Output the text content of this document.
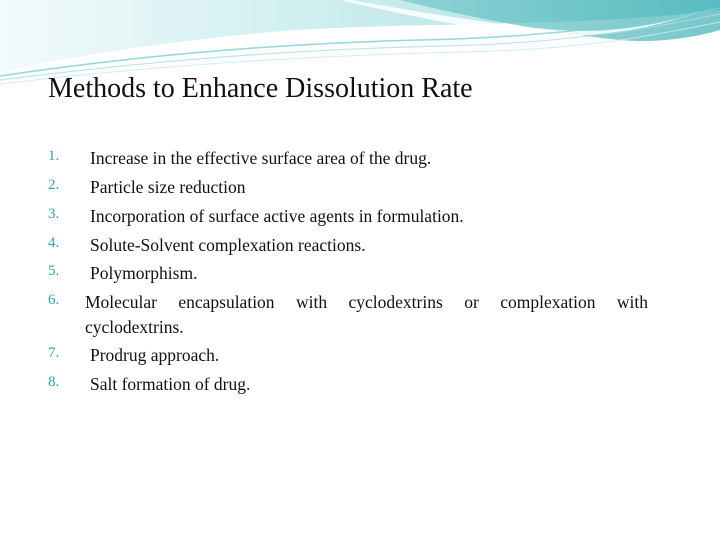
Methods to Enhance Dissolution Rate
1. Increase in the effective surface area of the drug.
2. Particle size reduction
3. Incorporation of surface active agents in formulation.
4. Solute-Solvent complexation reactions.
5. Polymorphism.
6. Molecular encapsulation with cyclodextrins or complexation with
cyclodextrins.
7. Prodrug approach.
8. Salt formation of drug.
